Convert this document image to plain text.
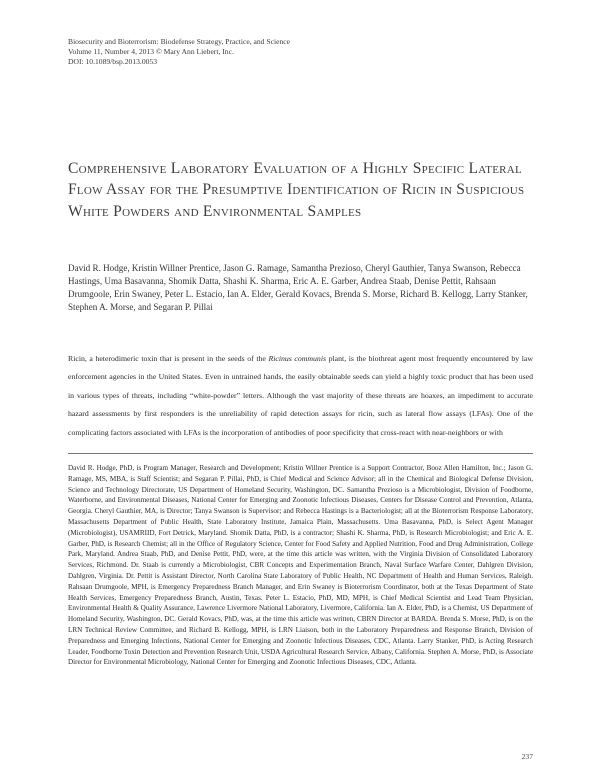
Biosecurity and Bioterrorism: Biodefense Strategy, Practice, and Science
Volume 11, Number 4, 2013 © Mary Ann Liebert, Inc.
DOI: 10.1089/bsp.2013.0053
Comprehensive Laboratory Evaluation of a Highly Specific Lateral Flow Assay for the Presumptive Identification of Ricin in Suspicious White Powders and Environmental Samples
David R. Hodge, Kristin Willner Prentice, Jason G. Ramage, Samantha Prezioso, Cheryl Gauthier, Tanya Swanson, Rebecca Hastings, Uma Basavanna, Shomik Datta, Shashi K. Sharma, Eric A. E. Garber, Andrea Staab, Denise Pettit, Rahsaan Drumgoole, Erin Swaney, Peter L. Estacio, Ian A. Elder, Gerald Kovacs, Brenda S. Morse, Richard B. Kellogg, Larry Stanker, Stephen A. Morse, and Segaran P. Pillai
Ricin, a heterodimeric toxin that is present in the seeds of the Ricinus communis plant, is the biothreat agent most frequently encountered by law enforcement agencies in the United States. Even in untrained hands, the easily obtainable seeds can yield a highly toxic product that has been used in various types of threats, including “white-powder” letters. Although the vast majority of these threats are hoaxes, an impediment to accurate hazard assessments by first responders is the unreliability of rapid detection assays for ricin, such as lateral flow assays (LFAs). One of the complicating factors associated with LFAs is the incorporation of antibodies of poor specificity that cross-react with near-neighbors or with
David R. Hodge, PhD, is Program Manager, Research and Development; Kristin Willner Prentice is a Support Contractor, Booz Allen Hamilton, Inc.; Jason G. Ramage, MS, MBA, is Staff Scientist; and Segaran P. Pillai, PhD, is Chief Medical and Science Advisor; all in the Chemical and Biological Defense Division, Science and Technology Directorate, US Department of Homeland Security, Washington, DC. Samantha Prezioso is a Microbiologist, Division of Foodborne, Waterborne, and Environmental Diseases, National Center for Emerging and Zoonotic Infectious Diseases, Centers for Disease Control and Prevention, Atlanta, Georgia. Cheryl Gauthier, MA, is Director; Tanya Swanson is Supervisor; and Rebecca Hastings is a Bacteriologist; all at the Bioterrorism Response Laboratory, Massachusetts Department of Public Health, State Laboratory Institute, Jamaica Plain, Massachusetts. Uma Basavanna, PhD, is Select Agent Manager (Microbiologist), USAMRIID, Fort Detrick, Maryland. Shomik Datta, PhD, is a contractor; Shashi K. Sharma, PhD, is Research Microbiologist; and Eric A. E. Garber, PhD, is Research Chemist; all in the Office of Regulatory Science, Center for Food Safety and Applied Nutrition, Food and Drug Administration, College Park, Maryland. Andrea Staab, PhD, and Denise Pettit, PhD, were, at the time this article was written, with the Virginia Division of Consolidated Laboratory Services, Richmond. Dr. Staab is currently a Microbiologist, CBR Concepts and Experimentation Branch, Naval Surface Warfare Center, Dahlgren Division, Dahlgren, Virginia. Dr. Pettit is Assistant Director, North Carolina State Laboratory of Public Health, NC Department of Health and Human Services, Raleigh. Rahsaan Drumgoole, MPH, is Emergency Preparedness Branch Manager, and Erin Swaney is Bioterrorism Coordinator, both at the Texas Department of State Health Services, Emergency Preparedness Branch, Austin, Texas. Peter L. Estacio, PhD, MD, MPH, is Chief Medical Scientist and Lead Team Physician, Environmental Health & Quality Assurance, Lawrence Livermore National Laboratory, Livermore, California. Ian A. Elder, PhD, is a Chemist, US Department of Homeland Security, Washington, DC. Gerald Kovacs, PhD, was, at the time this article was written, CBRN Director at BARDA. Brenda S. Morse, PhD, is on the LRN Technical Review Committee, and Richard B. Kellogg, MPH, is LRN Liaison, both in the Laboratory Preparedness and Response Branch, Division of Preparedness and Emerging Infections, National Center for Emerging and Zoonotic Infectious Diseases, CDC, Atlanta. Larry Stanker, PhD, is Acting Research Leader, Foodborne Toxin Detection and Prevention Research Unit, USDA Agricultural Research Service, Albany, California. Stephen A. Morse, PhD, is Associate Director for Environmental Microbiology, National Center for Emerging and Zoonotic Infectious Diseases, CDC, Atlanta.
237
